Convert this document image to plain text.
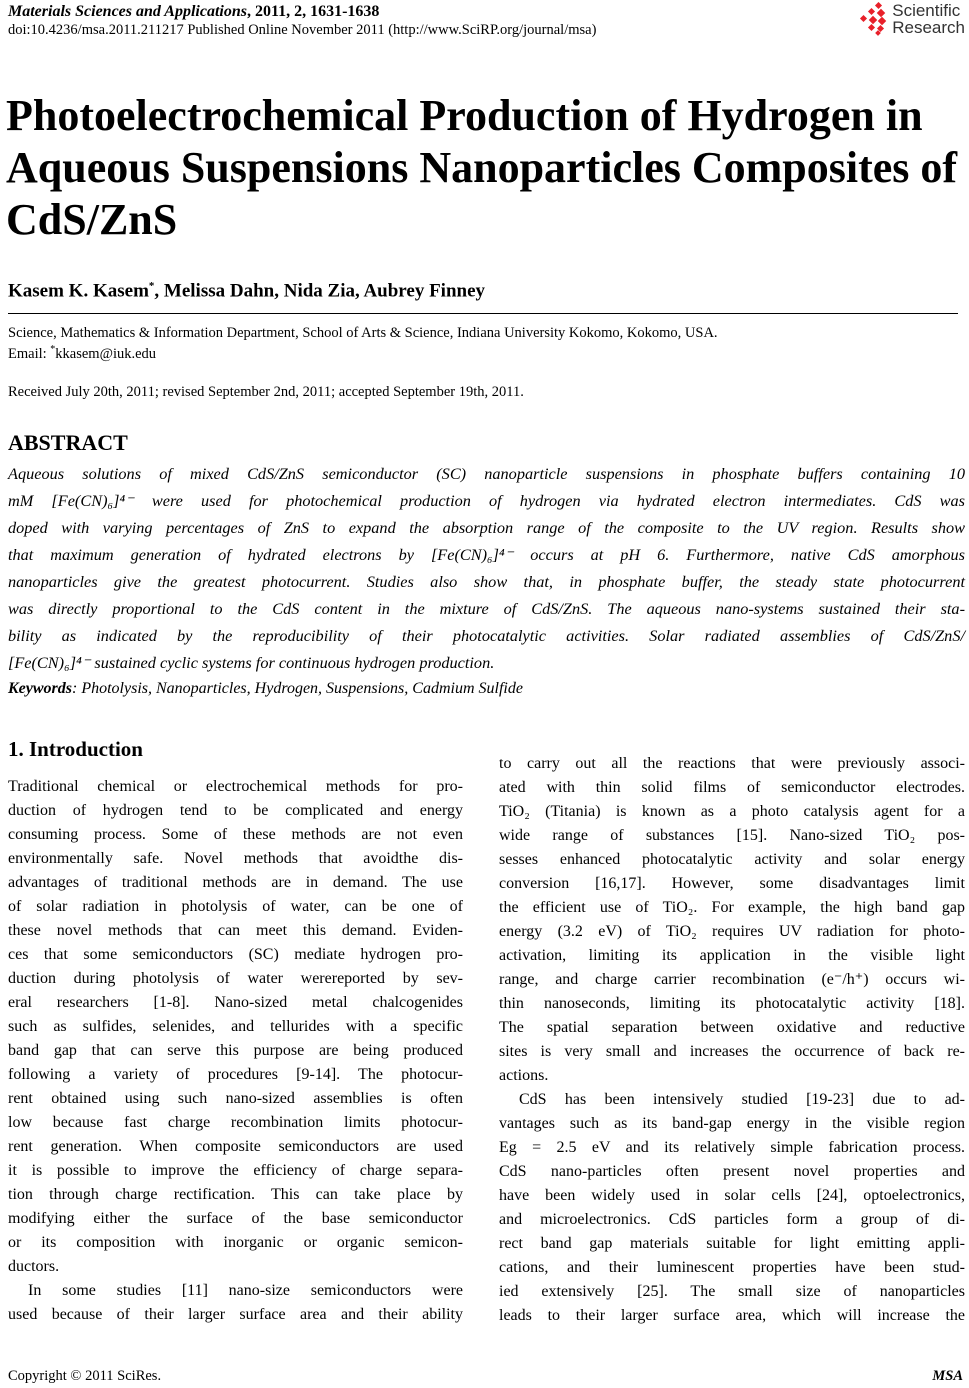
Materials Sciences and Applications, 2011, 2, 1631-1638
doi:10.4236/msa.2011.211217 Published Online November 2011 (http://www.SciRP.org/journal/msa)
Scientific
Research
Photoelectrochemical Production of Hydrogen in
Aqueous Suspensions Nanoparticles Composites of
CdS/ZnS
Kasem K. Kasem*, Melissa Dahn, Nida Zia, Aubrey Finney
Science, Mathematics & Information Department, School of Arts & Science, Indiana University Kokomo, Kokomo, USA.
Email: *kkasem@iuk.edu
Received July 20th, 2011; revised September 2nd, 2011; accepted September 19th, 2011.
ABSTRACT
Aqueous solutions of mixed CdS/ZnS semiconductor (SC) nanoparticle suspensions in phosphate buffers containing 10
mM [Fe(CN)₆]⁴⁻ were used for photochemical production of hydrogen via hydrated electron intermediates. CdS was
doped with varying percentages of ZnS to expand the absorption range of the composite to the UV region. Results show
that maximum generation of hydrated electrons by [Fe(CN)₆]⁴⁻ occurs at pH 6. Furthermore, native CdS amorphous
nanoparticles give the greatest photocurrent. Studies also show that, in phosphate buffer, the steady state photocurrent
was directly proportional to the CdS content in the mixture of CdS/ZnS. The aqueous nano-systems sustained their sta-
bility as indicated by the reproducibility of their photocatalytic activities. Solar radiated assemblies of CdS/ZnS/
[Fe(CN)₆]⁴⁻ sustained cyclic systems for continuous hydrogen production.
Keywords: Photolysis, Nanoparticles, Hydrogen, Suspensions, Cadmium Sulfide
1. Introduction
Traditional chemical or electrochemical methods for pro-
duction of hydrogen tend to be complicated and energy
consuming process. Some of these methods are not even
environmentally safe. Novel methods that avoidthe dis-
advantages of traditional methods are in demand. The use
of solar radiation in photolysis of water, can be one of
these novel methods that can meet this demand. Eviden-
ces that some semiconductors (SC) mediate hydrogen pro-
duction during photolysis of water werereported by sev-
eral researchers [1-8]. Nano-sized metal chalcogenides
such as sulfides, selenides, and tellurides with a specific
band gap that can serve this purpose are being produced
following a variety of procedures [9-14]. The photocur-
rent obtained using such nano-sized assemblies is often
low because fast charge recombination limits photocur-
rent generation. When composite semiconductors are used
it is possible to improve the efficiency of charge separa-
tion through charge rectification. This can take place by
modifying either the surface of the base semiconductor
or its composition with inorganic or organic semicon-
ductors.
In some studies [11] nano-size semiconductors were
used because of their larger surface area and their ability
to carry out all the reactions that were previously associ-
ated with thin solid films of semiconductor electrodes.
TiO₂ (Titania) is known as a photo catalysis agent for a
wide range of substances [15]. Nano-sized TiO₂ pos-
sesses enhanced photocatalytic activity and solar energy
conversion [16,17]. However, some disadvantages limit
the efficient use of TiO₂. For example, the high band gap
energy (3.2 eV) of TiO₂ requires UV radiation for photo-
activation, limiting its application in the visible light
range, and charge carrier recombination (e⁻/h⁺) occurs wi-
thin nanoseconds, limiting its photocatalytic activity [18].
The spatial separation between oxidative and reductive
sites is very small and increases the occurrence of back re-
actions.
CdS has been intensively studied [19-23] due to ad-
vantages such as its band-gap energy in the visible region
Eg = 2.5 eV and its relatively simple fabrication process.
CdS nano-particles often present novel properties and
have been widely used in solar cells [24], optoelectronics,
and microelectronics. CdS particles form a group of di-
rect band gap materials suitable for light emitting appli-
cations, and their luminescent properties have been stud-
ied extensively [25]. The small size of nanoparticles
leads to their larger surface area, which will increase the
Copyright © 2011 SciRes.	MSA
